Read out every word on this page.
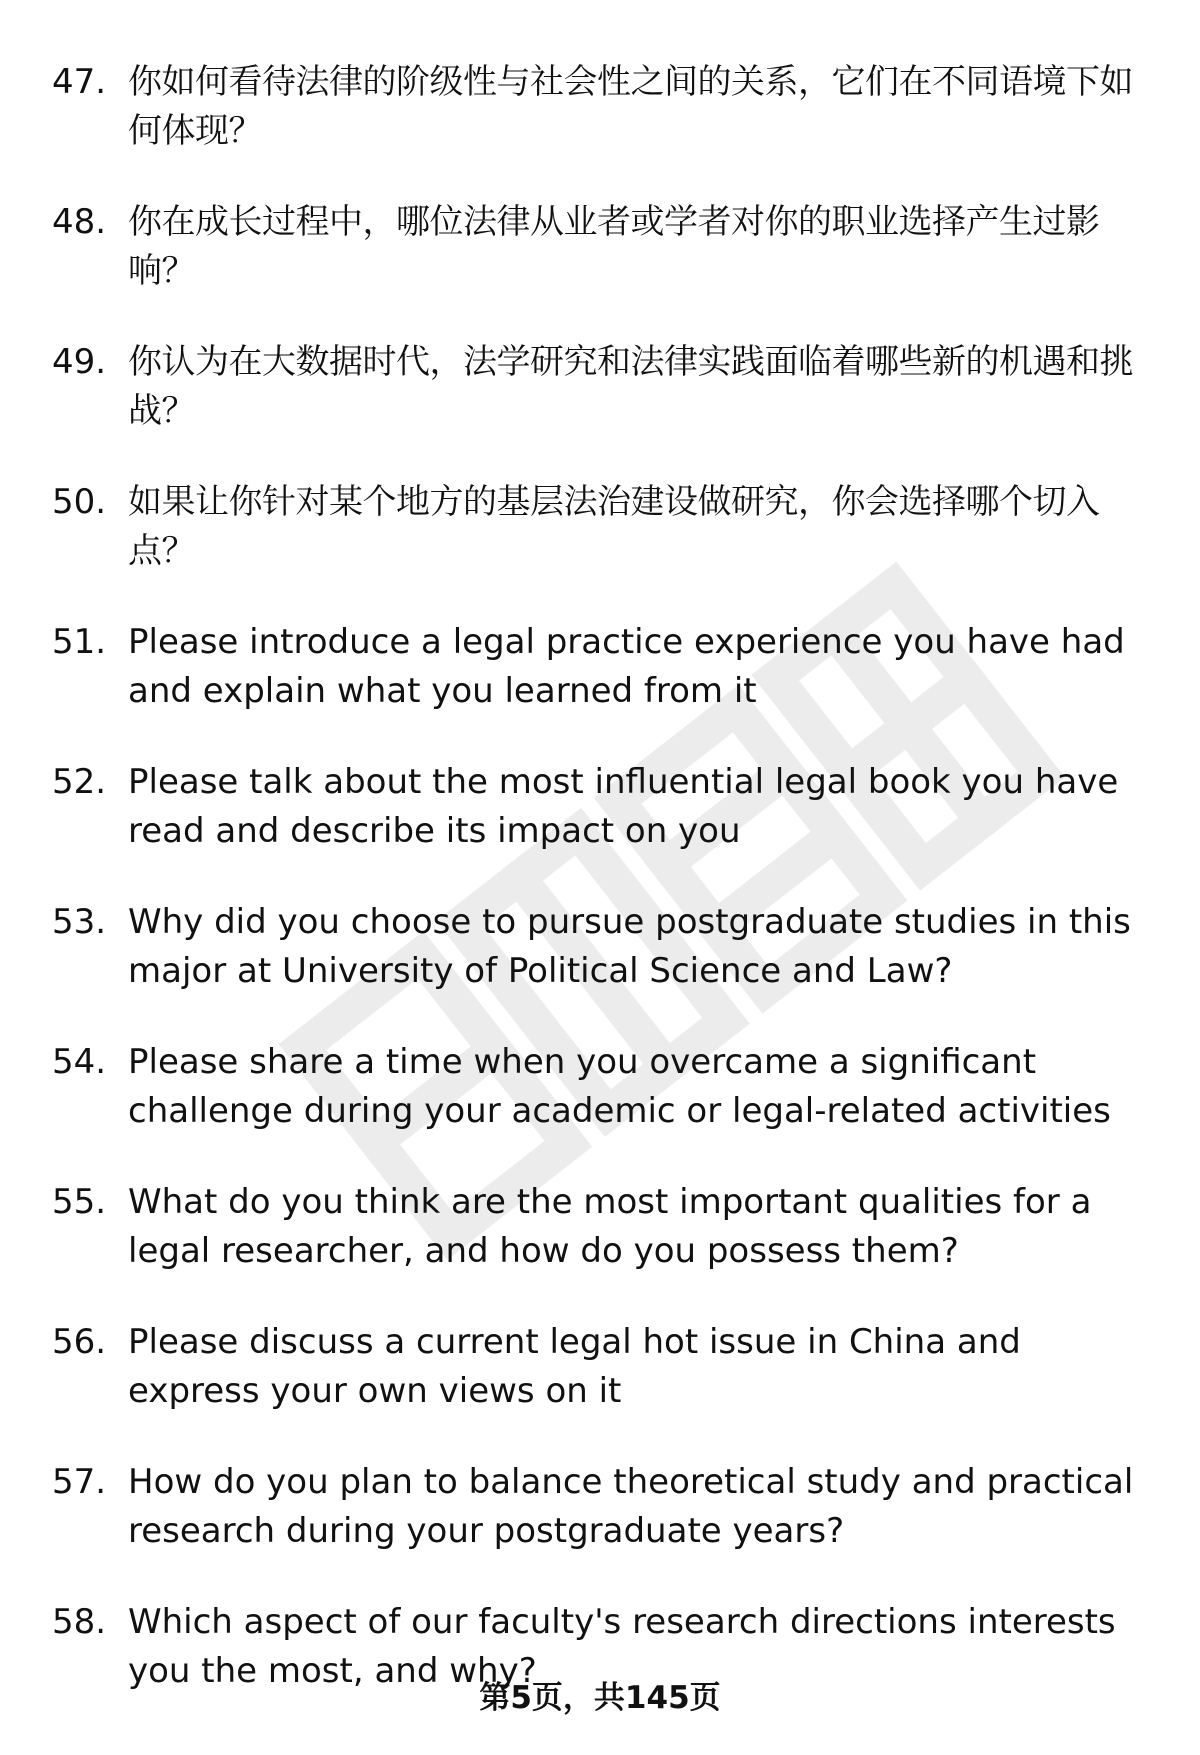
47. 你如何看待法律的阶级性与社会性之间的关系，它们在不同语境下如何体现？
48. 你在成长过程中，哪位法律从业者或学者对你的职业选择产生过影响？
49. 你认为在大数据时代，法学研究和法律实践面临着哪些新的机遇和挑战？
50. 如果让你针对某个地方的基层法治建设做研究，你会选择哪个切入点？
51. Please introduce a legal practice experience you have had and explain what you learned from it
52. Please talk about the most influential legal book you have read and describe its impact on you
53. Why did you choose to pursue postgraduate studies in this major at University of Political Science and Law?
54. Please share a time when you overcame a significant challenge during your academic or legal-related activities
55. What do you think are the most important qualities for a legal researcher, and how do you possess them?
56. Please discuss a current legal hot issue in China and express your own views on it
57. How do you plan to balance theoretical study and practical research during your postgraduate years?
58. Which aspect of our faculty's research directions interests you the most, and why?
第5页，共145页
